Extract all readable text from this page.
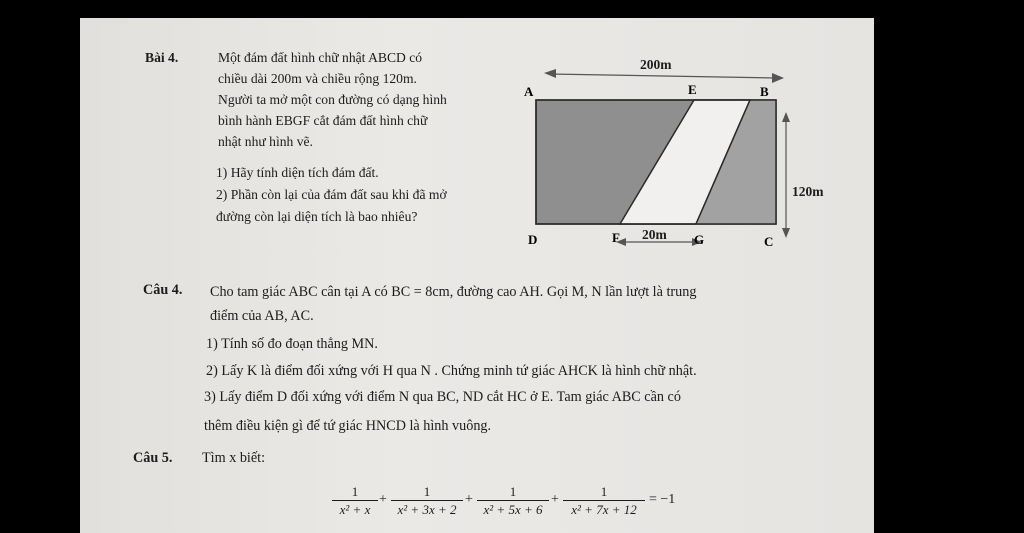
Bài 4.	Một đám đất hình chữ nhật ABCD có
chiều dài 200m và chiều rộng 120m.
Người ta mở một con đường có dạng hình
bình hành EBGF cắt đám đất hình chữ
nhật như hình vẽ.
1) Hãy tính diện tích đám đất.
2) Phần còn lại của đám đất sau khi đã mở
đường còn lại diện tích là bao nhiêu?
200m
120m
20m
A	E	B
D	F	G	C
Câu 4. Cho tam giác ABC cân tại A có BC = 8cm, đường cao AH. Gọi M, N lần lượt là trung
điểm của AB, AC.
1) Tính số đo đoạn thẳng MN.
2) Lấy K là điểm đối xứng với H qua N . Chứng minh tứ giác AHCK là hình chữ nhật.
3) Lấy điểm D đối xứng với điểm N qua BC, ND cắt HC ở E. Tam giác ABC cần có
thêm điều kiện gì để tứ giác HNCD là hình vuông.
Câu 5. Tìm x biết:
$\frac{1}{\text{x² + x}} + \frac{1}{\text{x² + 3x + 2}} + \frac{1}{\text{x² + 5x + 6}} + \frac{1}{\text{x² + 7x + 12}} = -1$
